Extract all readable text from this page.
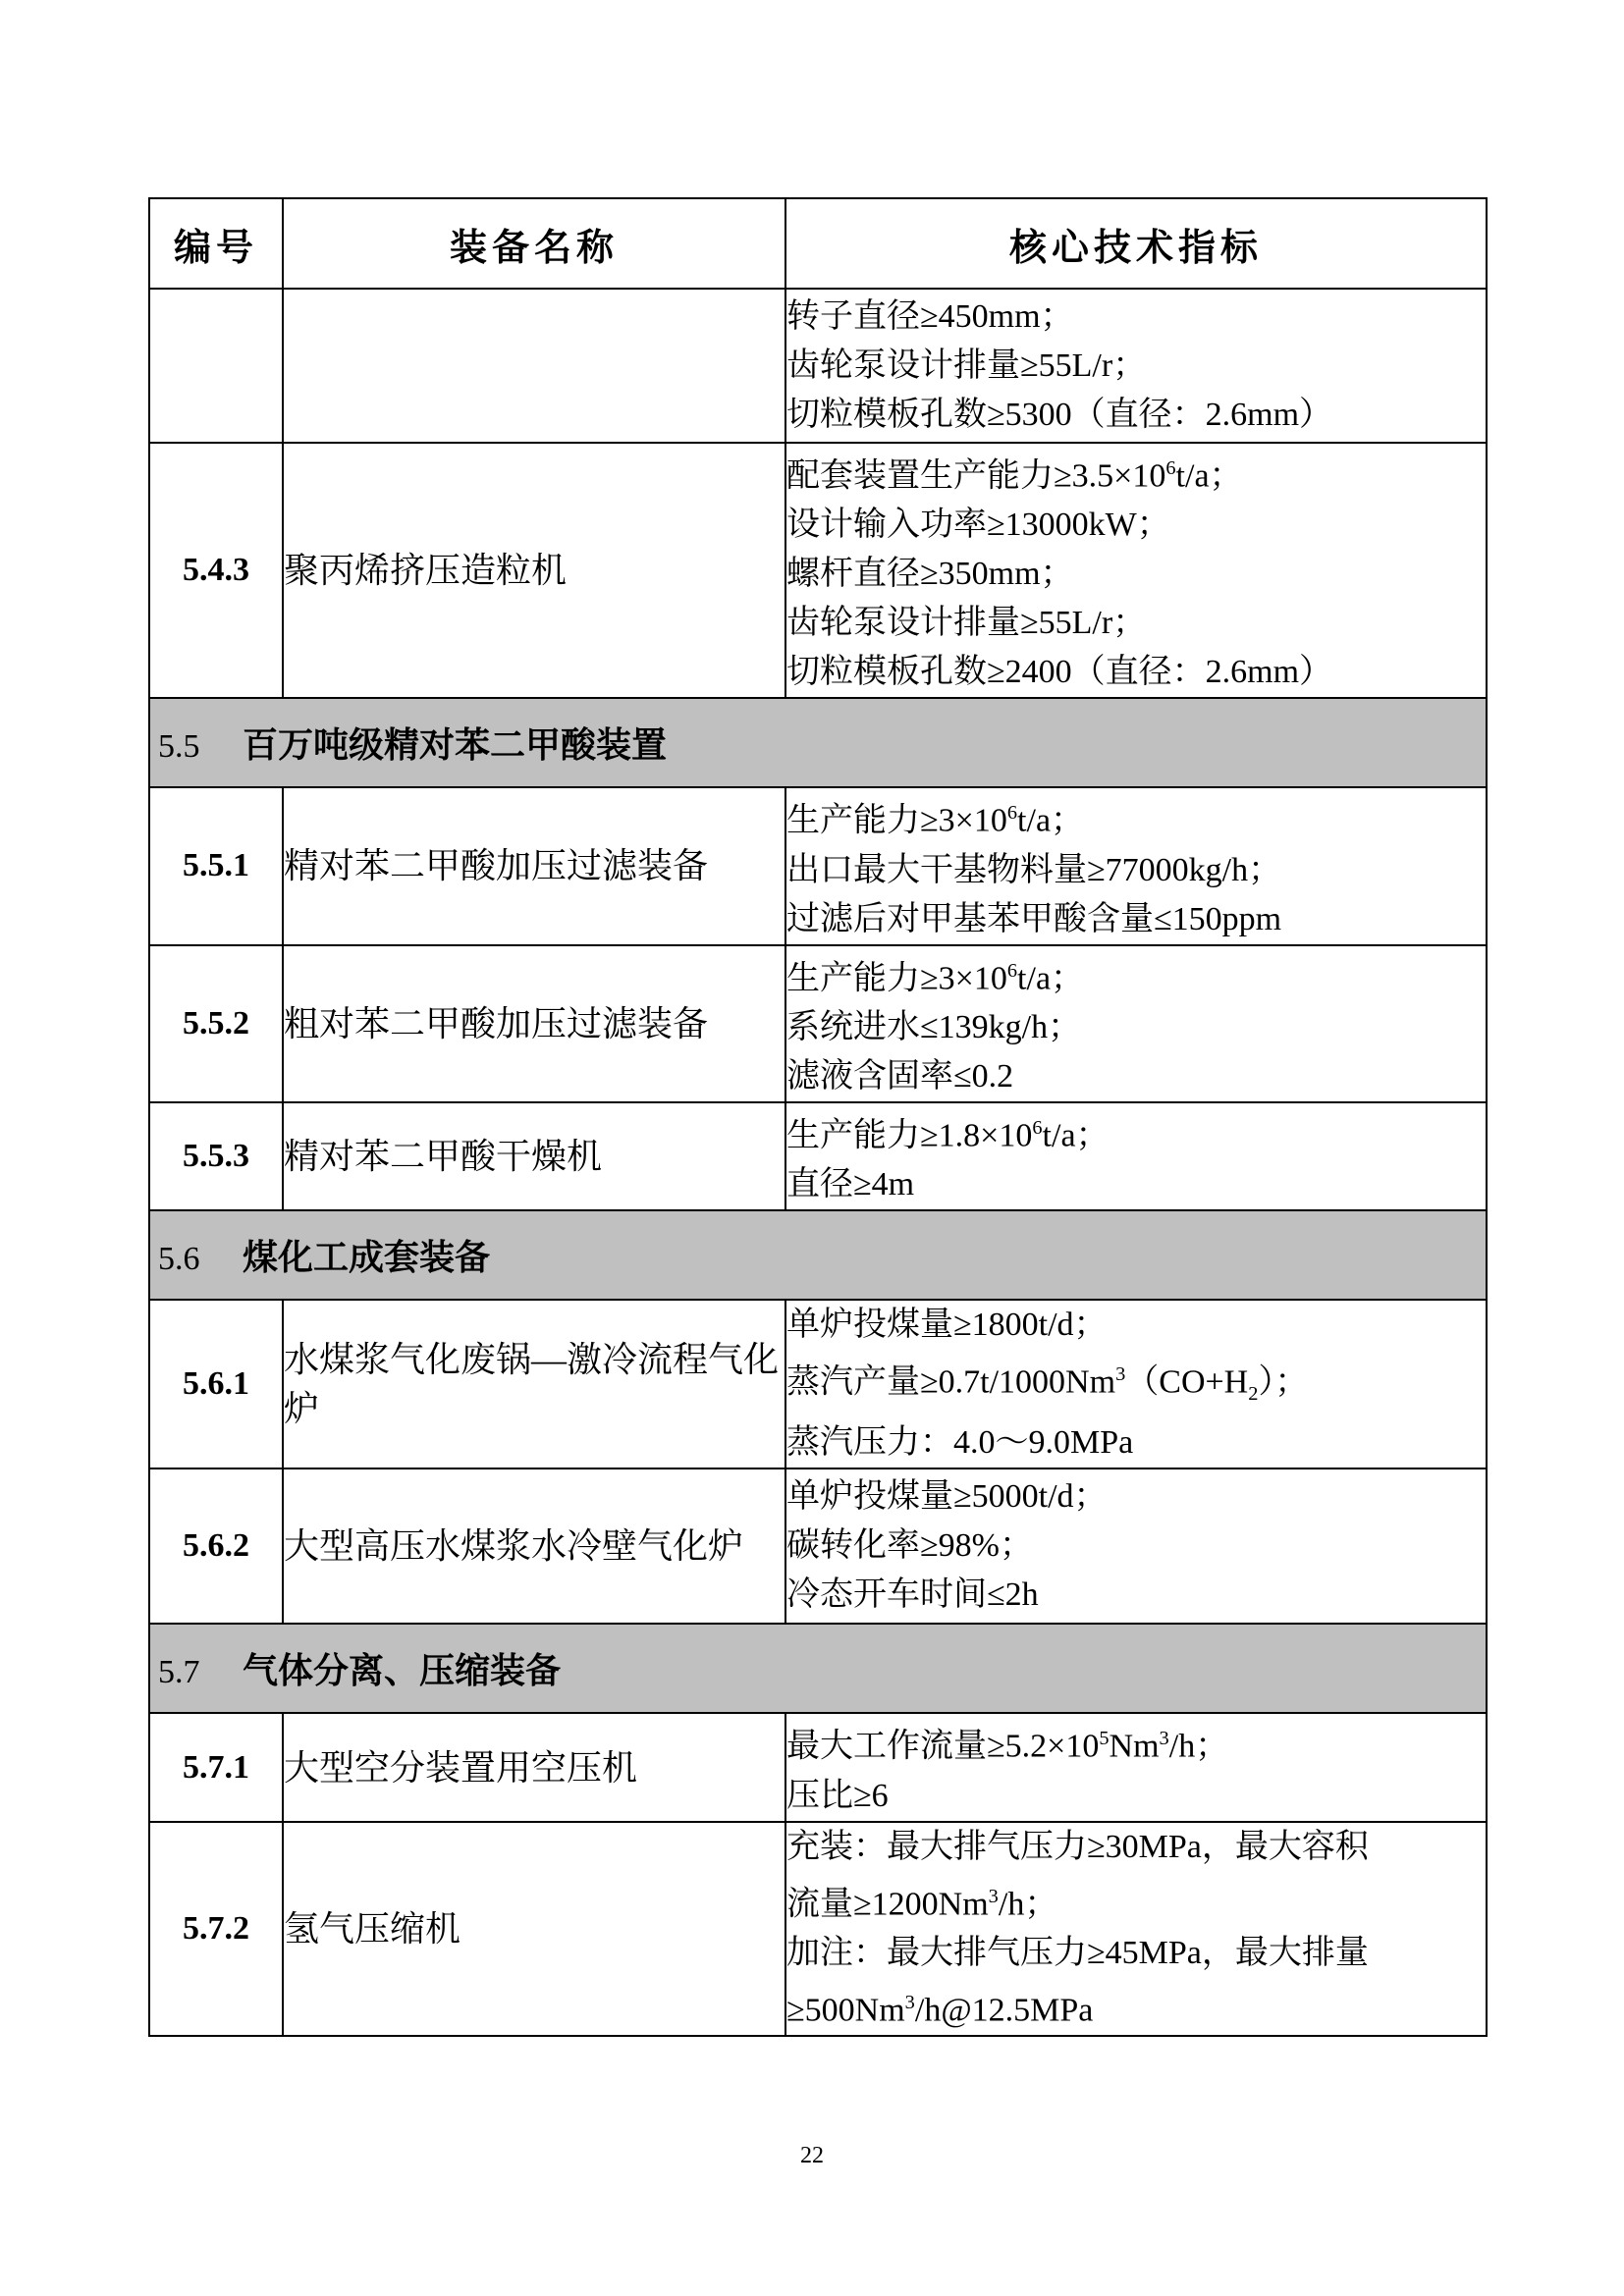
编号	装备名称	核心技术指标

		转子直径≥450mm；
齿轮泵设计排量≥55L/r；
切粒模板孔数≥5300（直径：2.6mm）

5.4.3	聚丙烯挤压造粒机	配套装置生产能力$\ge 3.5\times 10^6t/a$；
设计输入功率≥13000kW；
螺杆直径≥350mm；
齿轮泵设计排量≥55L/r；
切粒模板孔数≥2400（直径：2.6mm）

5.5 百万吨级精对苯二甲酸装置		
5.5.1	精对苯二甲酸加压过滤装备	生产能力$\ge 3\times 10^6t/a$；
出口最大干基物料量≥77000kg/h；
过滤后对甲基苯甲酸含量≤150ppm

5.5.2	粗对苯二甲酸加压过滤装备	生产能力$\ge 3\times 10^6t/a$；
系统进水≤139kg/h；
滤液含固率≤0.2

5.5.3	精对苯二甲酸干燥机	生产能力$\ge 1.8\times 10^6t/a$；
直径≥4m

5.6 煤化工成套装备		
5.6.1	水煤浆气化废锅—激冷流程气化炉	单炉投煤量≥1800t/d；
蒸汽产量$\ge 0.7t/1000Nm^3(CO+H_2)$；
蒸汽压力：4.0～9.0MPa

5.6.2	大型高压水煤浆水冷壁气化炉	单炉投煤量≥5000t/d；
碳转化率≥98%；
冷态开车时间≤2h

5.7 气体分离、压缩装备		
5.7.1	大型空分装置用空压机	最大工作流量$\ge 5.2\times 10^5Nm^3/h$；
压比≥6

5.7.2	氢气压缩机	充装：最大排气压力≥30MPa，最大容积
流量$\ge 1200Nm^3/h$；
加注：最大排气压力≥45MPa，最大排量
$\ge 500Nm^3/h@12.5MPa$
22
